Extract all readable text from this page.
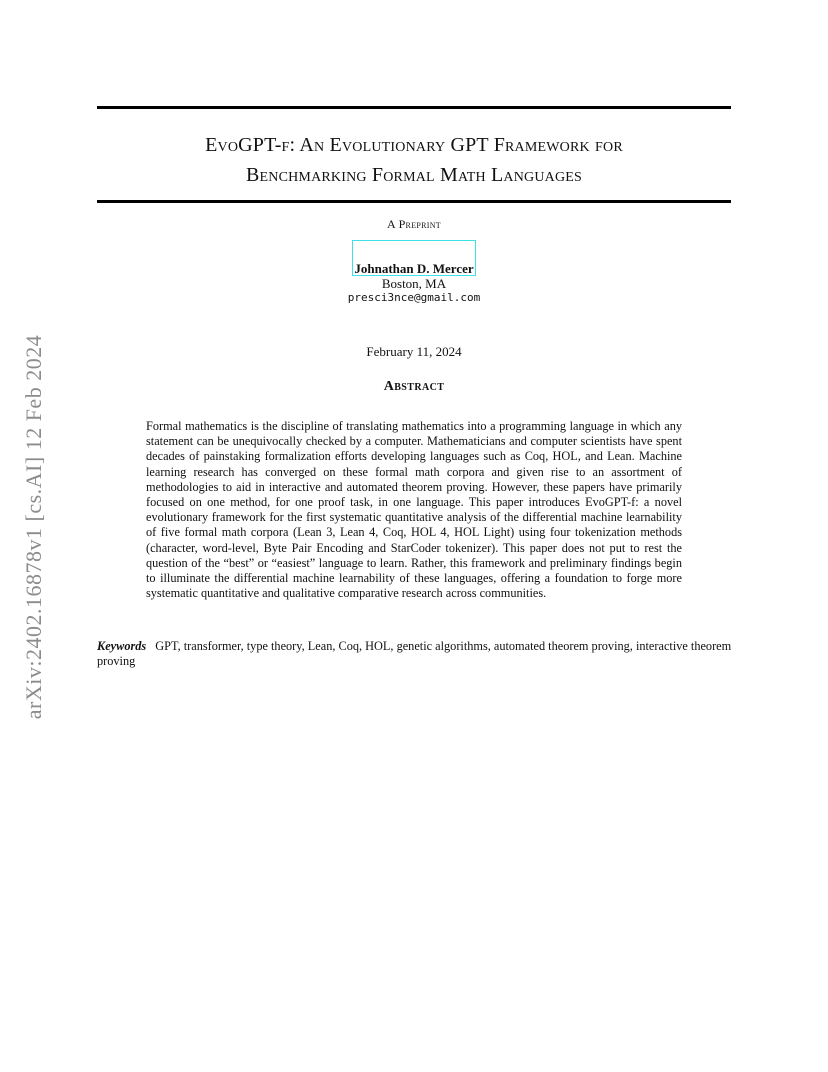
EvoGPT-f: An Evolutionary GPT Framework for
Benchmarking Formal Math Languages
A Preprint
Johnathan D. Mercer
Boston, MA
presci3nce@gmail.com
February 11, 2024
Abstract

Formal mathematics is the discipline of translating mathematics into a programming language in which any statement can be unequivocally checked by a computer. Mathematicians and computer scientists have spent decades of painstaking formalization efforts developing languages such as Coq, HOL, and Lean. Machine learning research has converged on these formal math corpora and given rise to an assortment of methodologies to aid in interactive and automated theorem proving. However, these papers have primarily focused on one method, for one proof task, in one language. This paper introduces EvoGPT-f: a novel evolutionary framework for the first systematic quantitative analysis of the differential machine learnability of five formal math corpora (Lean 3, Lean 4, Coq, HOL 4, HOL Light) using four tokenization methods (character, word-level, Byte Pair Encoding and StarCoder tokenizer). This paper does not put to rest the question of the “best” or “easiest” language to learn. Rather, this framework and preliminary findings begin to illuminate the differential machine learnability of these languages, offering a foundation to forge more systematic quantitative and qualitative comparative research across communities.

Keywords GPT, transformer, type theory, Lean, Coq, HOL, genetic algorithms, automated theorem proving, interactive theorem proving

arXiv:2402.16878v1 [cs.AI] 12 Feb 2024
